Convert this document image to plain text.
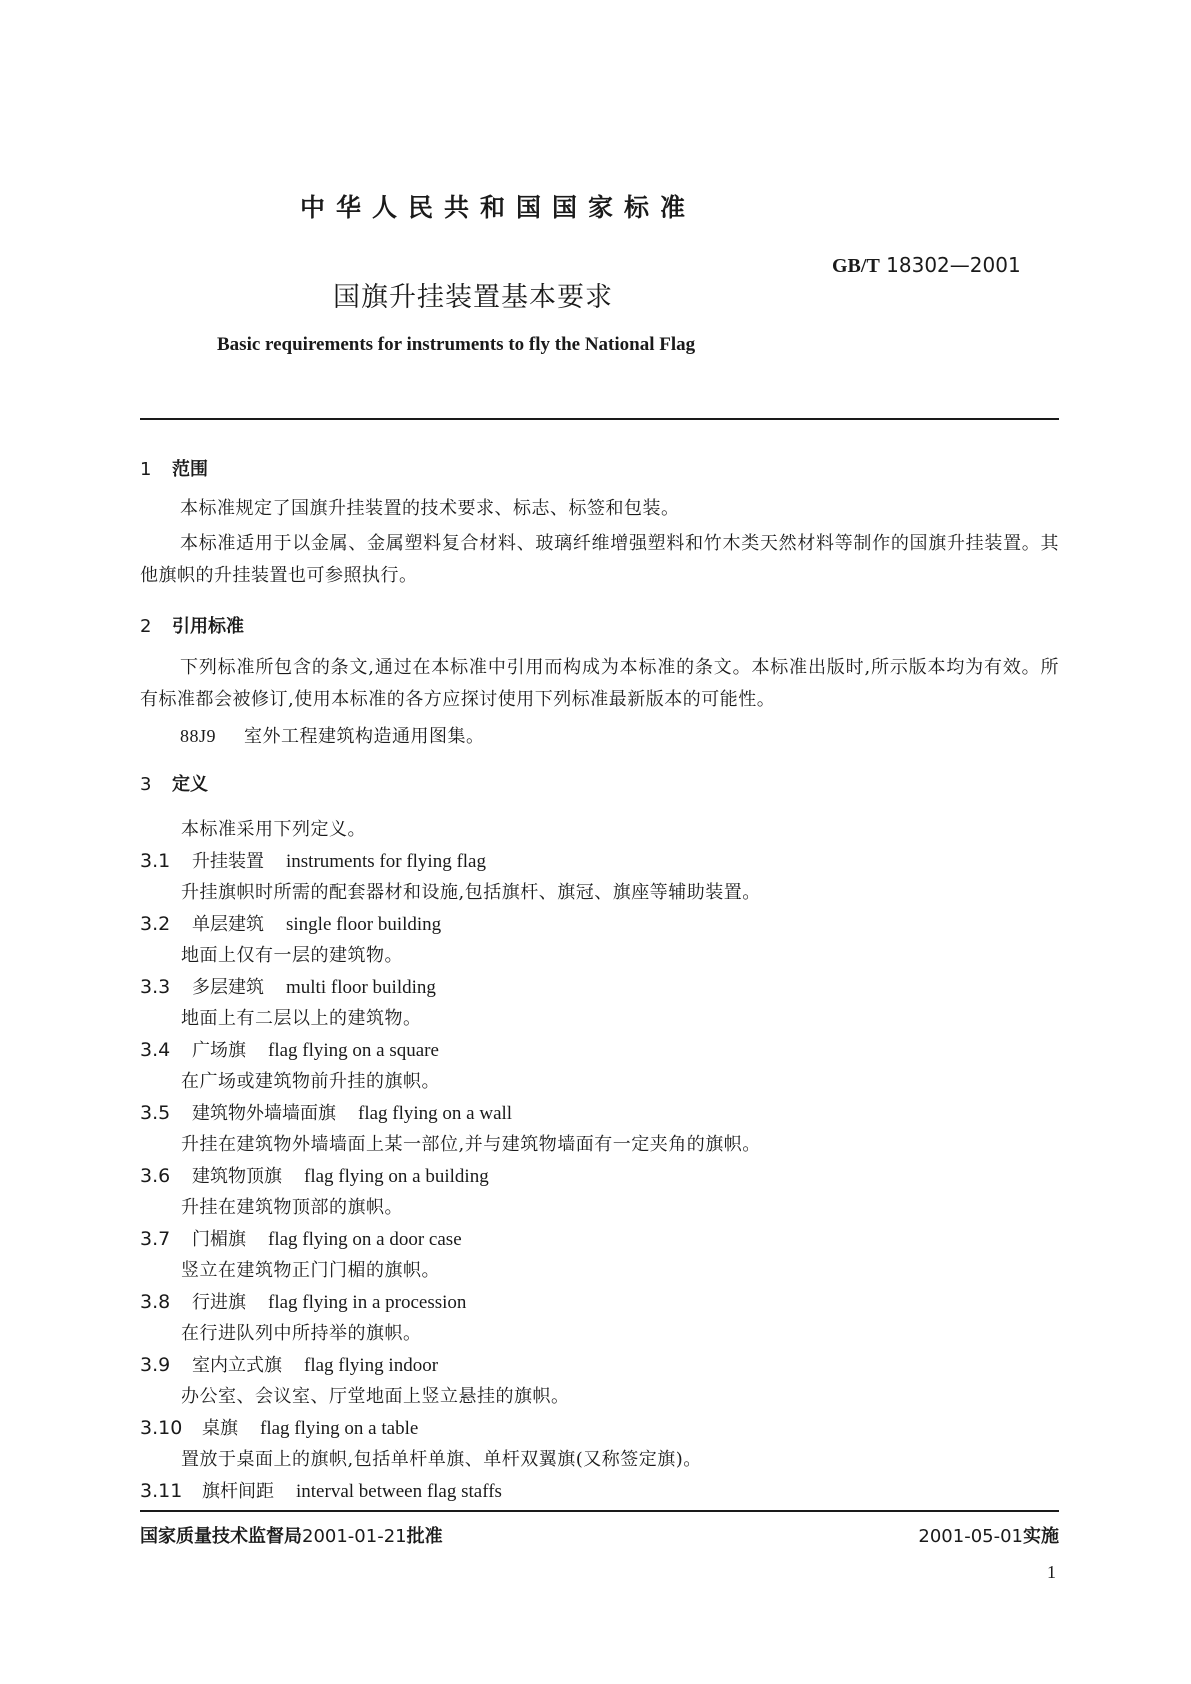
中华人民共和国国家标准
GB/T 18302—2001
国旗升挂装置基本要求
Basic requirements for instruments to fly the National Flag
1 范围
本标准规定了国旗升挂装置的技术要求、标志、标签和包装。
本标准适用于以金属、金属塑料复合材料、玻璃纤维增强塑料和竹木类天然材料等制作的国旗升挂装置。其他旗帜的升挂装置也可参照执行。
2 引用标准
下列标准所包含的条文,通过在本标准中引用而构成为本标准的条文。本标准出版时,所示版本均为有效。所有标准都会被修订,使用本标准的各方应探讨使用下列标准最新版本的可能性。
88J9 室外工程建筑构造通用图集。
3 定义
本标准采用下列定义。
3.1 升挂装置 instruments for flying flag
升挂旗帜时所需的配套器材和设施,包括旗杆、旗冠、旗座等辅助装置。
3.2 单层建筑 single floor building
地面上仅有一层的建筑物。
3.3 多层建筑 multi floor building
地面上有二层以上的建筑物。
3.4 广场旗 flag flying on a square
在广场或建筑物前升挂的旗帜。
3.5 建筑物外墙墙面旗 flag flying on a wall
升挂在建筑物外墙墙面上某一部位,并与建筑物墙面有一定夹角的旗帜。
3.6 建筑物顶旗 flag flying on a building
升挂在建筑物顶部的旗帜。
3.7 门楣旗 flag flying on a door case
竖立在建筑物正门门楣的旗帜。
3.8 行进旗 flag flying in a procession
在行进队列中所持举的旗帜。
3.9 室内立式旗 flag flying indoor
办公室、会议室、厅堂地面上竖立悬挂的旗帜。
3.10 桌旗 flag flying on a table
置放于桌面上的旗帜,包括单杆单旗、单杆双翼旗(又称签定旗)。
3.11 旗杆间距 interval between flag staffs
国家质量技术监督局2001-01-21批准	2001-05-01实施
1
